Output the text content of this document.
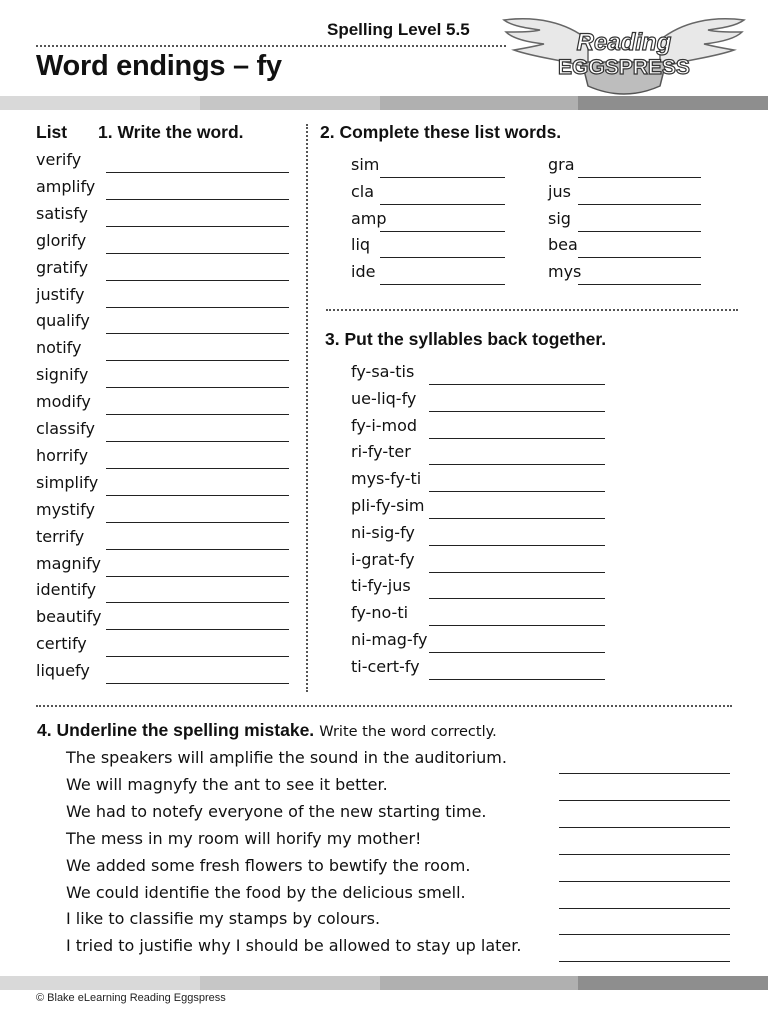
Spelling Level 5.5
Word endings – fy
Reading
EGGSPRESS
List 1. Write the word.	2. Complete these list words.
3. Put the syllables back together.
verify
amplify
satisfy
glorify
gratify
justify
qualify
notify
signify
modify
classify
horrify
simplify
mystify
terrify
magnify
identify
beautify
certify
liquefy
sim
cla
amp
liq
ide
gra
jus
sig
bea
mys
fy-sa-tis
ue-liq-fy
fy-i-mod
ri-fy-ter
mys-fy-ti
pli-fy-sim
ni-sig-fy
i-grat-fy
ti-fy-jus
fy-no-ti
ni-mag-fy
ti-cert-fy
4. Underline the spelling mistake. Write the word correctly.
The speakers will amplifie the sound in the auditorium.
We will magnyfy the ant to see it better.
We had to notefy everyone of the new starting time.
The mess in my room will horify my mother!
We added some fresh flowers to bewtify the room.
We could identifie the food by the delicious smell.
I like to classifie my stamps by colours.
I tried to justifie why I should be allowed to stay up later.
© Blake eLearning Reading Eggspress
